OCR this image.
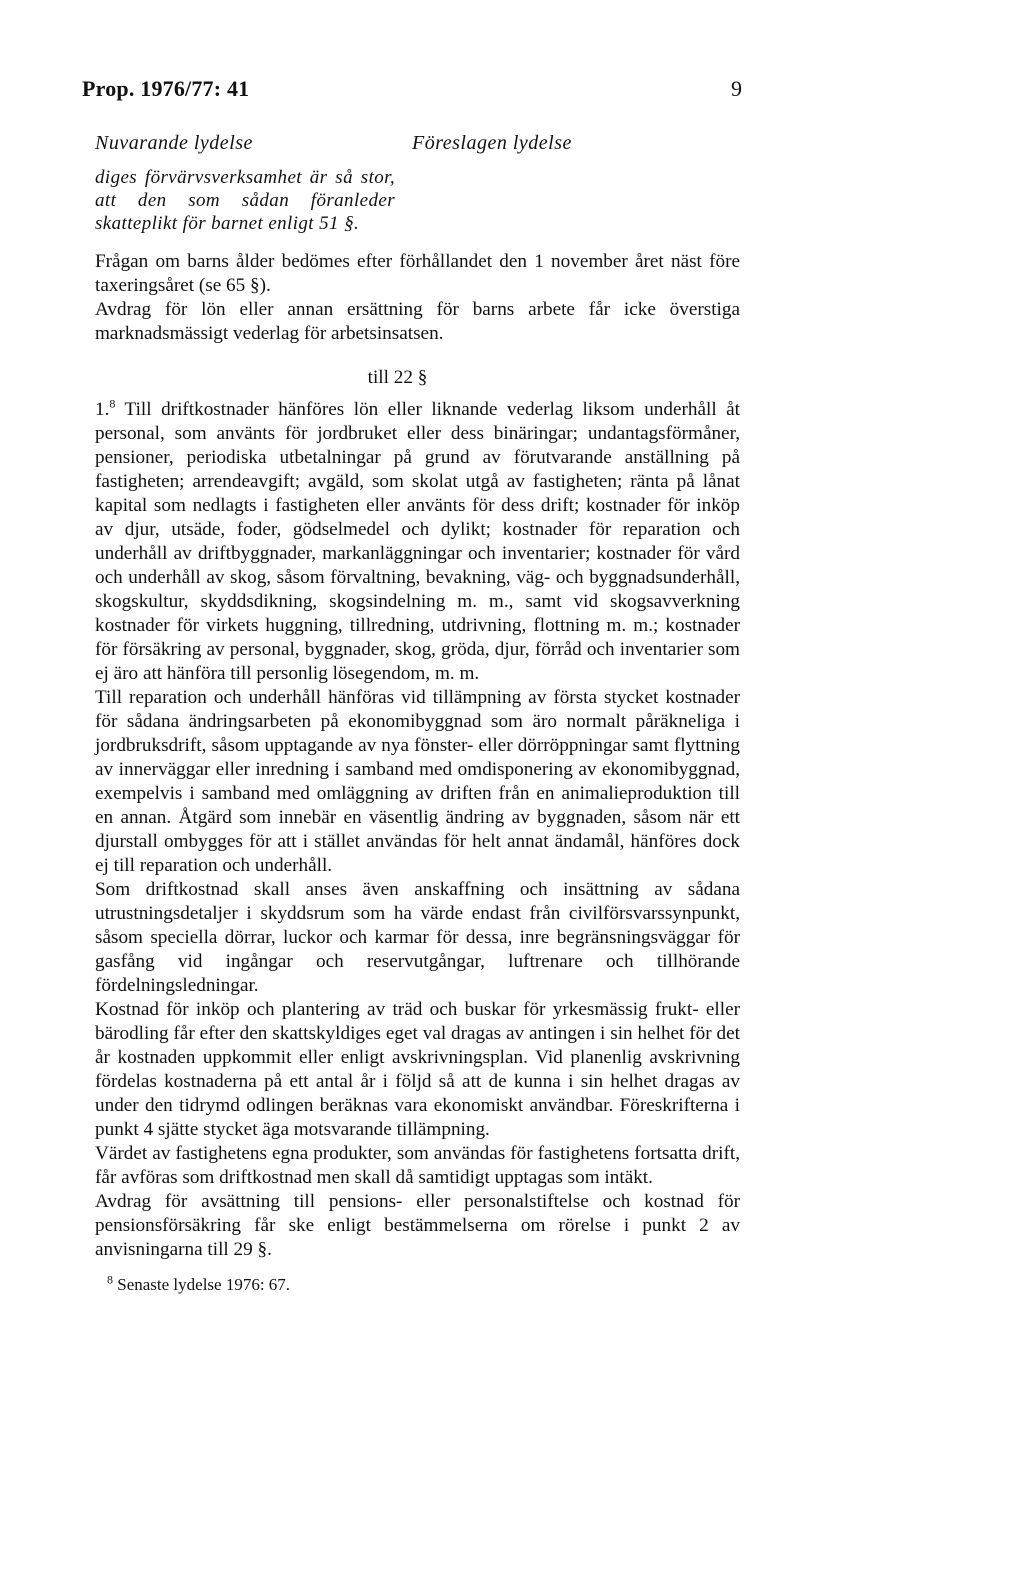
Prop. 1976/77: 41	9
Nuvarande lydelse	Föreslagen lydelse
diges förvärvsverksamhet är så stor, att den som sådan föranleder skatteplikt för barnet enligt 51 §.

Frågan om barns ålder bedömes efter förhållandet den 1 november året näst före taxeringsåret (se 65 §).

Avdrag för lön eller annan ersättning för barns arbete får icke överstiga marknadsmässigt vederlag för arbetsinsatsen.

till 22 §

1.$^8$ Till driftkostnader hänföres lön eller liknande vederlag liksom underhåll åt personal, som använts för jordbruket eller dess binäringar; undantagsförmåner, pensioner, periodiska utbetalningar på grund av förutvarande anställning på fastigheten; arrendeavgift; avgäld, som skolat utgå av fastigheten; ränta på lånat kapital som nedlagts i fastigheten eller använts för dess drift; kostnader för inköp av djur, utsäde, foder, gödselmedel och dylikt; kostnader för reparation och underhåll av driftbyggnader, markanläggningar och inventarier; kostnader för vård och underhåll av skog, såsom förvaltning, bevakning, väg- och byggnadsunderhåll, skogskultur, skyddsdikning, skogsindelning m. m., samt vid skogsavverkning kostnader för virkets huggning, tillredning, utdrivning, flottning m. m.; kostnader för försäkring av personal, byggnader, skog, gröda, djur, förråd och inventarier som ej äro att hänföra till personlig lösegendom, m. m.

Till reparation och underhåll hänföras vid tillämpning av första stycket kostnader för sådana ändringsarbeten på ekonomibyggnad som äro normalt påräkneliga i jordbruksdrift, såsom upptagande av nya fönster- eller dörröppningar samt flyttning av innerväggar eller inredning i samband med omdisponering av ekonomibyggnad, exempelvis i samband med omläggning av driften från en animalieproduktion till en annan. Åtgärd som innebär en väsentlig ändring av byggnaden, såsom när ett djurstall ombygges för att i stället användas för helt annat ändamål, hänföres dock ej till reparation och underhåll.

Som driftkostnad skall anses även anskaffning och insättning av sådana utrustningsdetaljer i skyddsrum som ha värde endast från civilförsvarssynpunkt, såsom speciella dörrar, luckor och karmar för dessa, inre begränsningsväggar för gasfång vid ingångar och reservutgångar, luftrenare och tillhörande fördelningsledningar.

Kostnad för inköp och plantering av träd och buskar för yrkesmässig frukt- eller bärodling får efter den skattskyldiges eget val dragas av antingen i sin helhet för det år kostnaden uppkommit eller enligt avskrivningsplan. Vid planenlig avskrivning fördelas kostnaderna på ett antal år i följd så att de kunna i sin helhet dragas av under den tidrymd odlingen beräknas vara ekonomiskt användbar. Föreskrifterna i punkt 4 sjätte stycket äga motsvarande tillämpning.

Värdet av fastighetens egna produkter, som användas för fastighetens fortsatta drift, får avföras som driftkostnad men skall då samtidigt upptagas som intäkt.

Avdrag för avsättning till pensions- eller personalstiftelse och kostnad för pensionsförsäkring får ske enligt bestämmelserna om rörelse i punkt 2 av anvisningarna till 29 §.

$^8$ Senaste lydelse 1976: 67.
